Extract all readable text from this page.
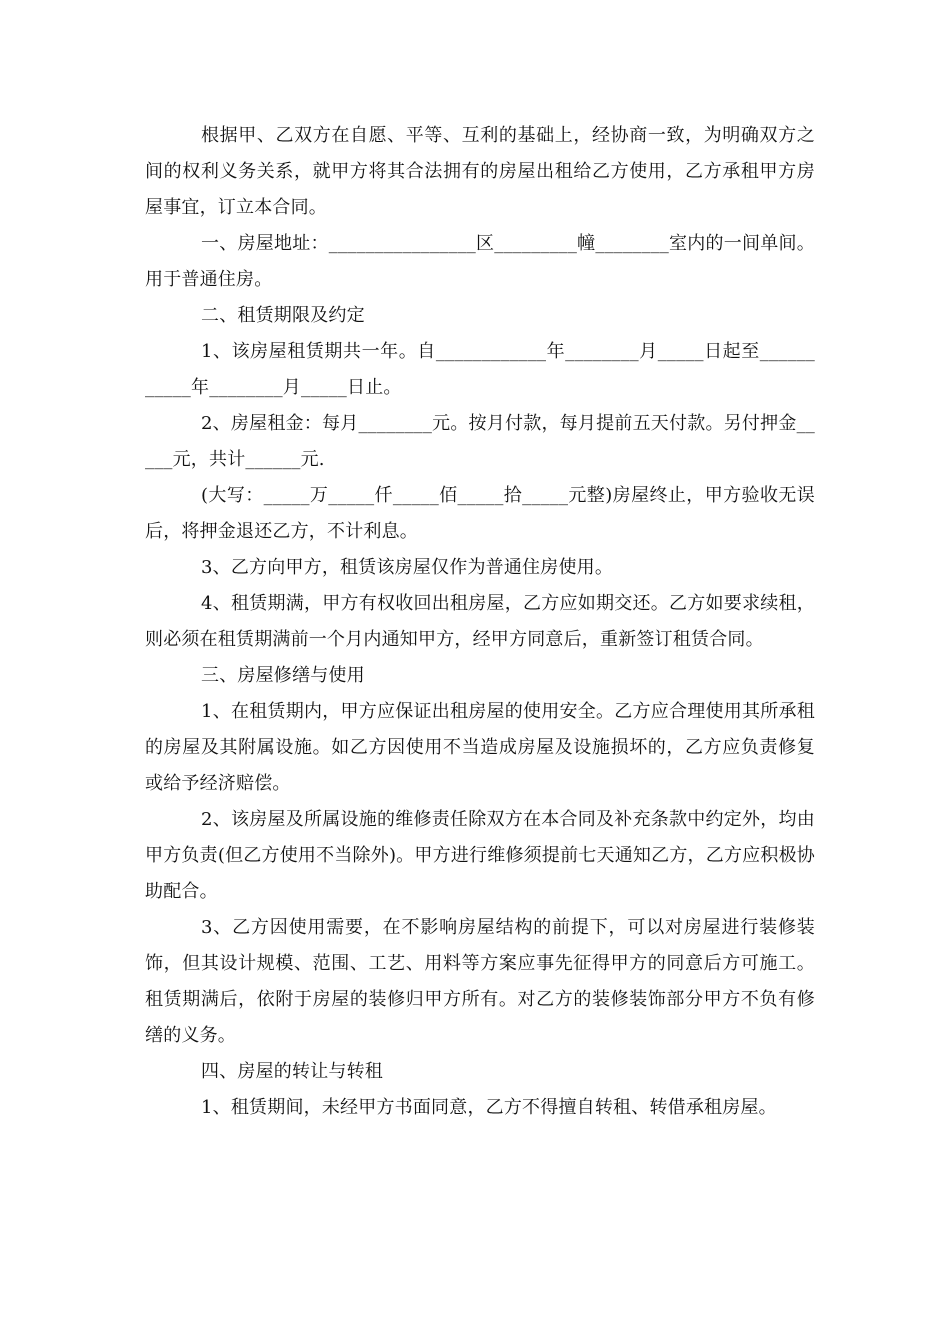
根据甲、乙双方在自愿、平等、互利的基础上，经协商一致，为明确双方之间的权利义务关系，就甲方将其合法拥有的房屋出租给乙方使用，乙方承租甲方房屋事宜，订立本合同。

一、房屋地址：________________区_________幢________室内的一间单间。用于普通住房。

二、租赁期限及约定

1、该房屋租赁期共一年。自____________年________月_____日起至___________年________月_____日止。

2、房屋租金：每月________元。按月付款，每月提前五天付款。另付押金_____元，共计______元.

(大写：_____万_____仟_____佰_____拾_____元整)房屋终止，甲方验收无误后，将押金退还乙方，不计利息。

3、乙方向甲方，租赁该房屋仅作为普通住房使用。

4、租赁期满，甲方有权收回出租房屋，乙方应如期交还。乙方如要求续租，则必须在租赁期满前一个月内通知甲方，经甲方同意后，重新签订租赁合同。

三、房屋修缮与使用

1、在租赁期内，甲方应保证出租房屋的使用安全。乙方应合理使用其所承租的房屋及其附属设施。如乙方因使用不当造成房屋及设施损坏的，乙方应负责修复或给予经济赔偿。

2、该房屋及所属设施的维修责任除双方在本合同及补充条款中约定外，均由甲方负责(但乙方使用不当除外)。甲方进行维修须提前七天通知乙方，乙方应积极协助配合。

3、乙方因使用需要，在不影响房屋结构的前提下，可以对房屋进行装修装饰，但其设计规模、范围、工艺、用料等方案应事先征得甲方的同意后方可施工。租赁期满后，依附于房屋的装修归甲方所有。对乙方的装修装饰部分甲方不负有修缮的义务。

四、房屋的转让与转租

1、租赁期间，未经甲方书面同意，乙方不得擅自转租、转借承租房屋。
